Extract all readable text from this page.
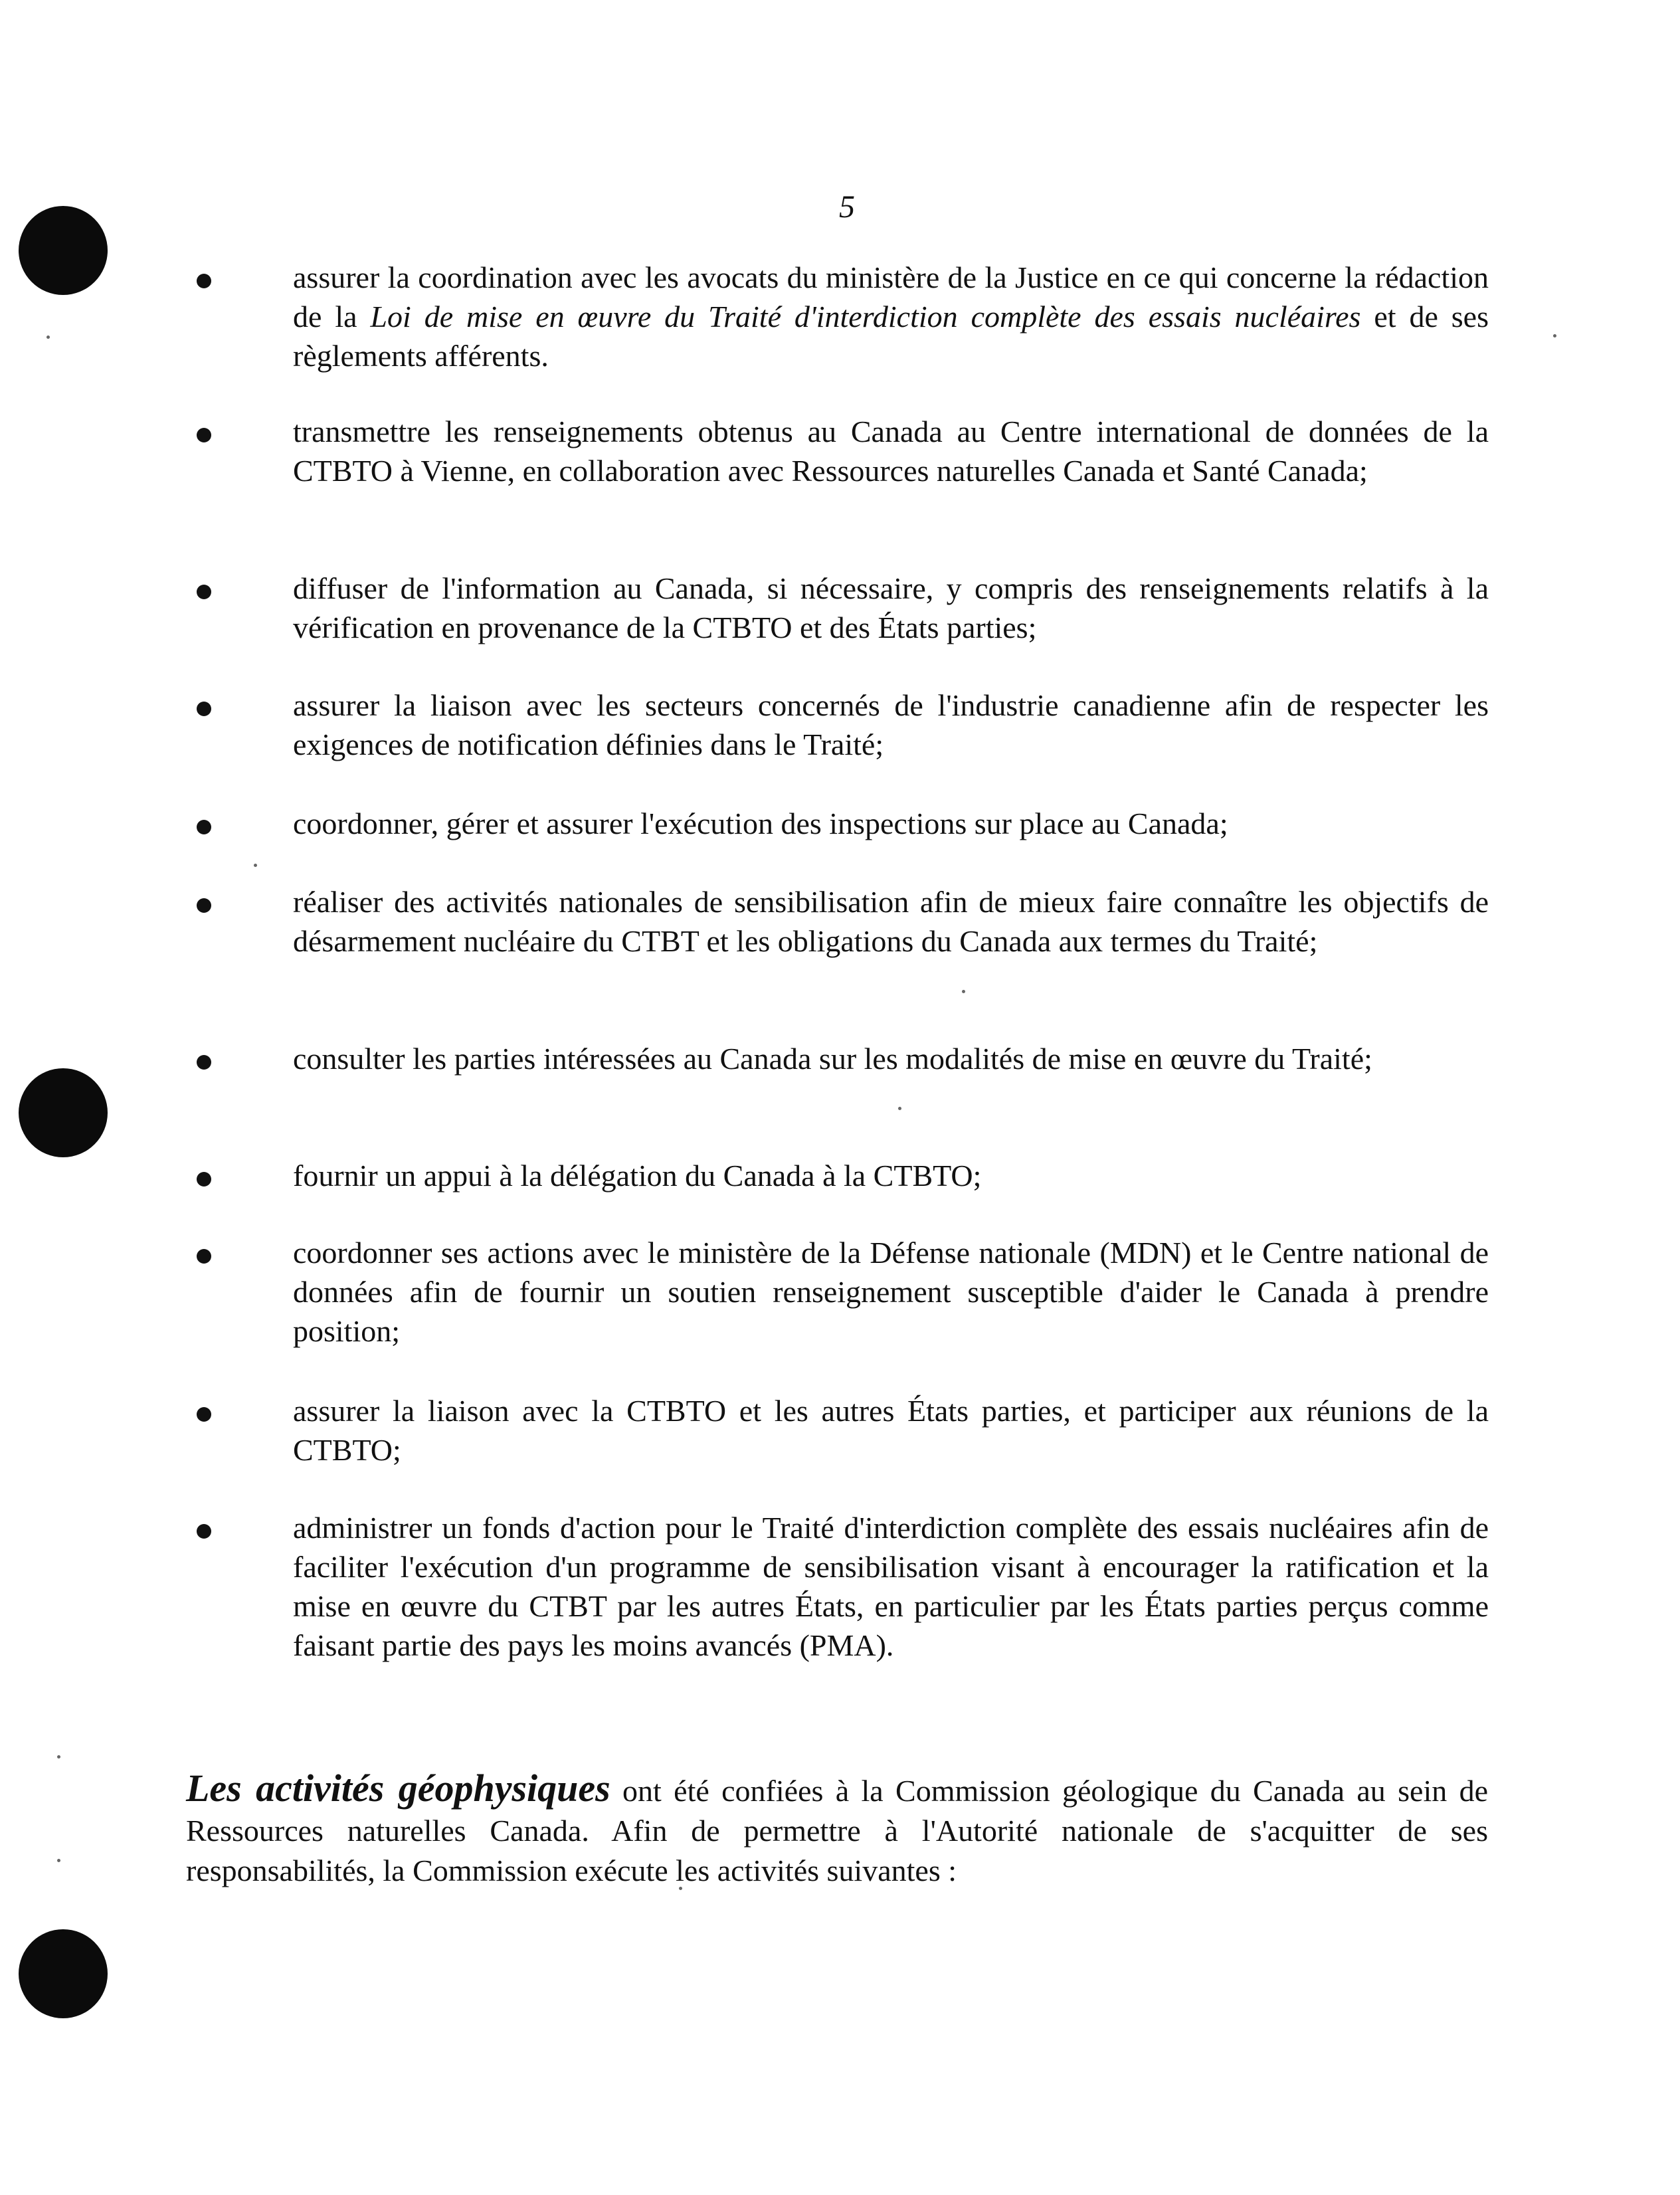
5

assurer la coordination avec les avocats du ministère de la Justice en ce qui concerne la rédaction de la Loi de mise en œuvre du Traité d'interdiction complète des essais nucléaires et de ses règlements afférents.

transmettre les renseignements obtenus au Canada au Centre international de données de la CTBTO à Vienne, en collaboration avec Ressources naturelles Canada et Santé Canada;

diffuser de l'information au Canada, si nécessaire, y compris des renseignements relatifs à la vérification en provenance de la CTBTO et des États parties;

assurer la liaison avec les secteurs concernés de l'industrie canadienne afin de respecter les exigences de notification définies dans le Traité;

coordonner, gérer et assurer l'exécution des inspections sur place au Canada;

réaliser des activités nationales de sensibilisation afin de mieux faire connaître les objectifs de désarmement nucléaire du CTBT et les obligations du Canada aux termes du Traité;

consulter les parties intéressées au Canada sur les modalités de mise en œuvre du Traité;

fournir un appui à la délégation du Canada à la CTBTO;

coordonner ses actions avec le ministère de la Défense nationale (MDN) et le Centre national de données afin de fournir un soutien renseignement susceptible d'aider le Canada à prendre position;

assurer la liaison avec la CTBTO et les autres États parties, et participer aux réunions de la CTBTO;

administrer un fonds d'action pour le Traité d'interdiction complète des essais nucléaires afin de faciliter l'exécution d'un programme de sensibilisation visant à encourager la ratification et la mise en œuvre du CTBT par les autres États, en particulier par les États parties perçus comme faisant partie des pays les moins avancés (PMA).

Les activités géophysiques ont été confiées à la Commission géologique du Canada au sein de Ressources naturelles Canada. Afin de permettre à l'Autorité nationale de s'acquitter de ses responsabilités, la Commission exécute les activités suivantes :
